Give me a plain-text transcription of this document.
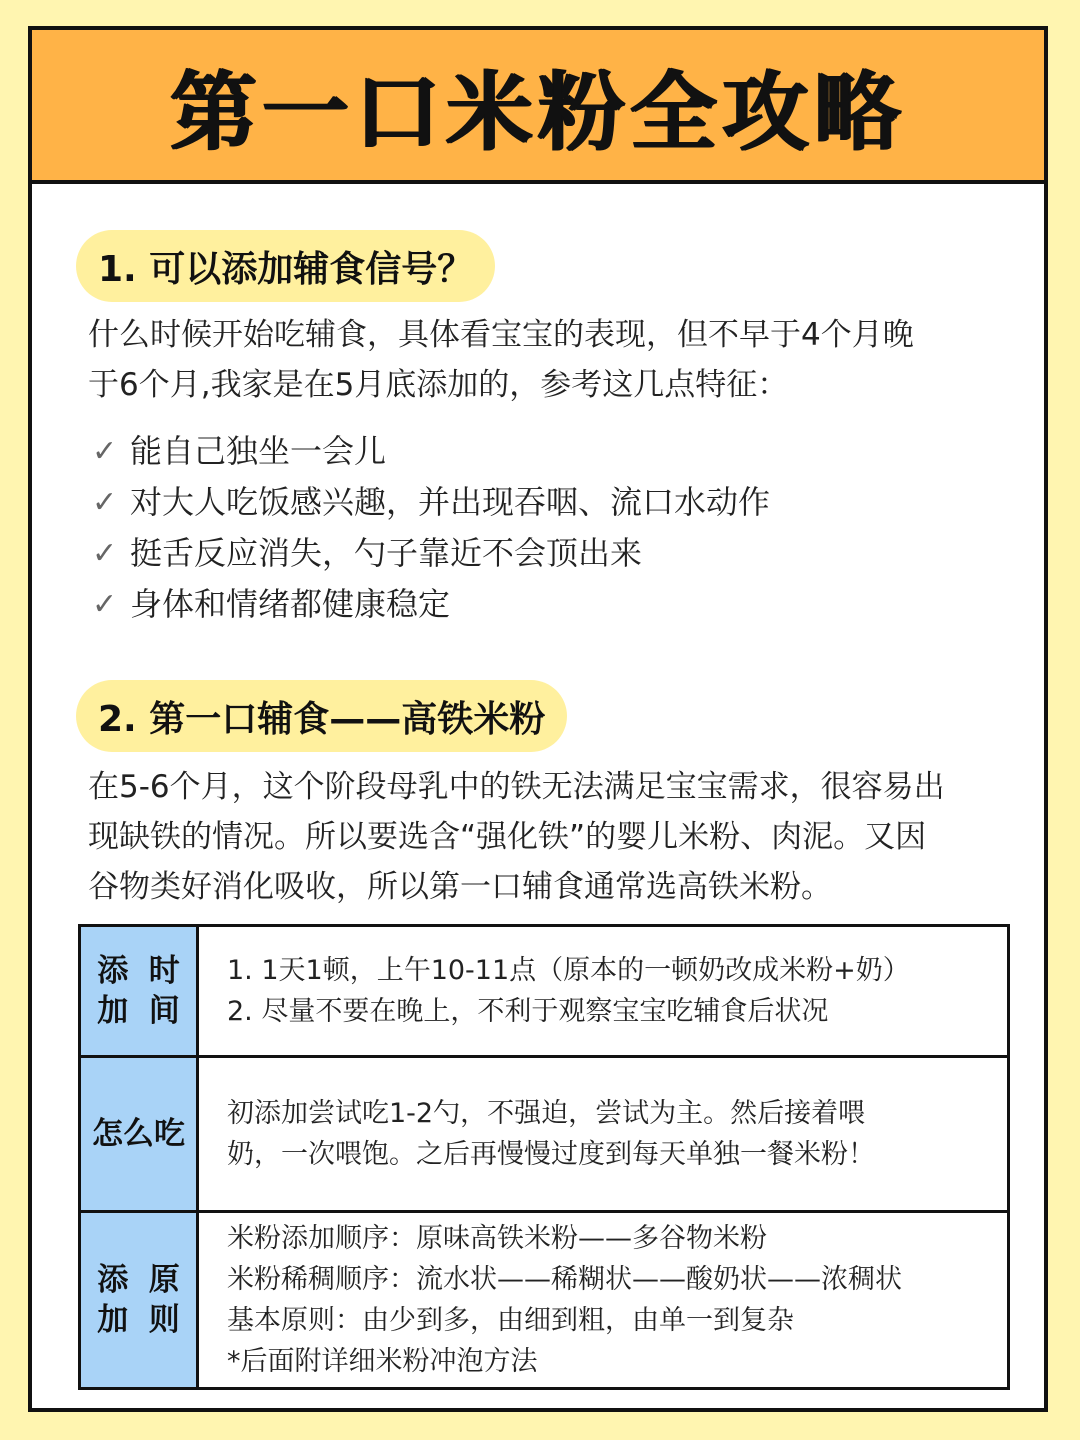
第一口米粉全攻略
1. 可以添加辅食信号？
什么时候开始吃辅食，具体看宝宝的表现，但不早于4个月晚
于6个月,我家是在5月底添加的，参考这几点特征：
✓ 能自己独坐一会儿
✓ 对大人吃饭感兴趣，并出现吞咽、流口水动作
✓ 挺舌反应消失，勺子靠近不会顶出来
✓ 身体和情绪都健康稳定
2. 第一口辅食——高铁米粉
在5-6个月，这个阶段母乳中的铁无法满足宝宝需求，很容易出
现缺铁的情况。所以要选含“强化铁”的婴儿米粉、肉泥。又因
谷物类好消化吸收，所以第一口辅食通常选高铁米粉。
添加
时间
1. 1天1顿，上午10-11点（原本的一顿奶改成米粉+奶）
2. 尽量不要在晚上，不利于观察宝宝吃辅食后状况
怎么吃
初添加尝试吃1-2勺，不强迫，尝试为主。然后接着喂
奶，一次喂饱。之后再慢慢过度到每天单独一餐米粉！
添加
原则
米粉添加顺序：原味高铁米粉——多谷物米粉
米粉稀稠顺序：流水状——稀糊状——酸奶状——浓稠状
基本原则：由少到多，由细到粗，由单一到复杂
*后面附详细米粉冲泡方法
